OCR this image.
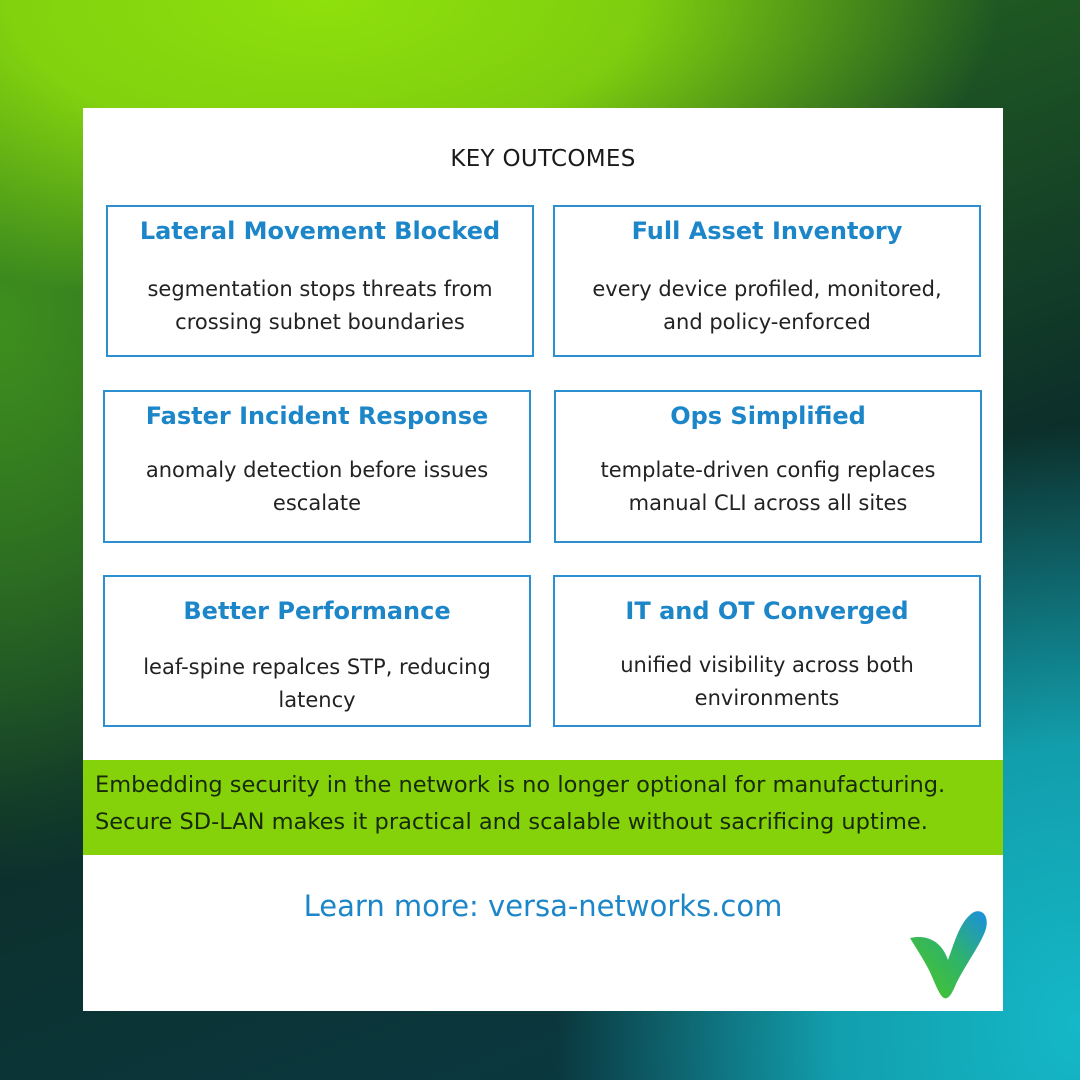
KEY OUTCOMES
Lateral Movement Blocked
segmentation stops threats from
crossing subnet boundaries
Full Asset Inventory
every device profiled, monitored,
and policy-enforced
Faster Incident Response
anomaly detection before issues
escalate
Ops Simplified
template-driven config replaces
manual CLI across all sites
Better Performance
leaf-spine repalces STP, reducing
latency
IT and OT Converged
unified visibility across both
environments
Embedding security in the network is no longer optional for manufacturing.
Secure SD-LAN makes it practical and scalable without sacrificing uptime.
Learn more: versa-networks.com
